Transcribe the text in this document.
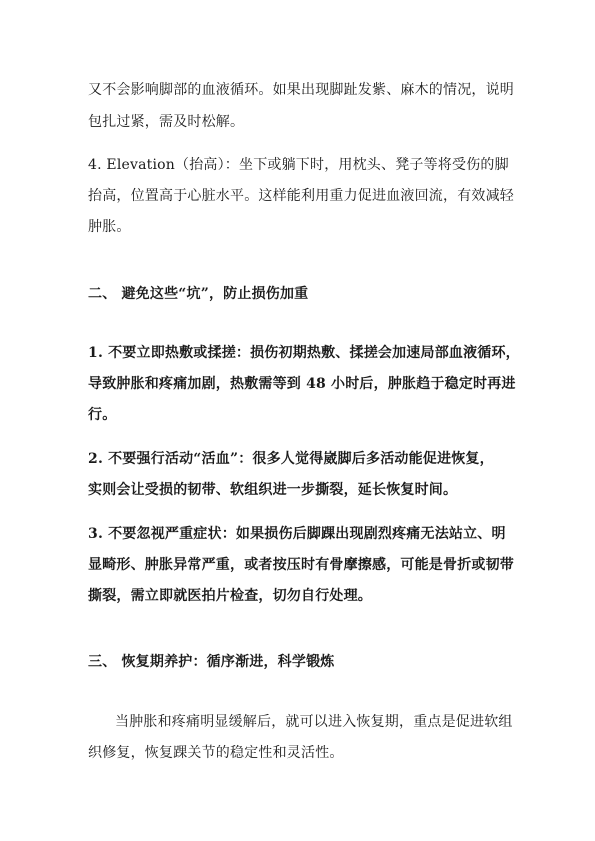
又不会影响脚部的血液循环。如果出现脚趾发紫、麻木的情况，说明
包扎过紧，需及时松解。
4. Elevation（抬高）：坐下或躺下时，用枕头、凳子等将受伤的脚
抬高，位置高于心脏水平。这样能利用重力促进血液回流，有效减轻
肿胀。
二、 避免这些“坑”，防止损伤加重
1. 不要立即热敷或揉搓：损伤初期热敷、揉搓会加速局部血液循环，
导致肿胀和疼痛加剧，热敷需等到 48 小时后，肿胀趋于稳定时再进
行。
2. 不要强行活动“活血”：很多人觉得崴脚后多活动能促进恢复，
实则会让受损的韧带、软组织进一步撕裂，延长恢复时间。
3. 不要忽视严重症状：如果损伤后脚踝出现剧烈疼痛无法站立、明
显畸形、肿胀异常严重，或者按压时有骨摩擦感，可能是骨折或韧带
撕裂，需立即就医拍片检查，切勿自行处理。
三、 恢复期养护：循序渐进，科学锻炼
当肿胀和疼痛明显缓解后，就可以进入恢复期，重点是促进软组
织修复，恢复踝关节的稳定性和灵活性。
